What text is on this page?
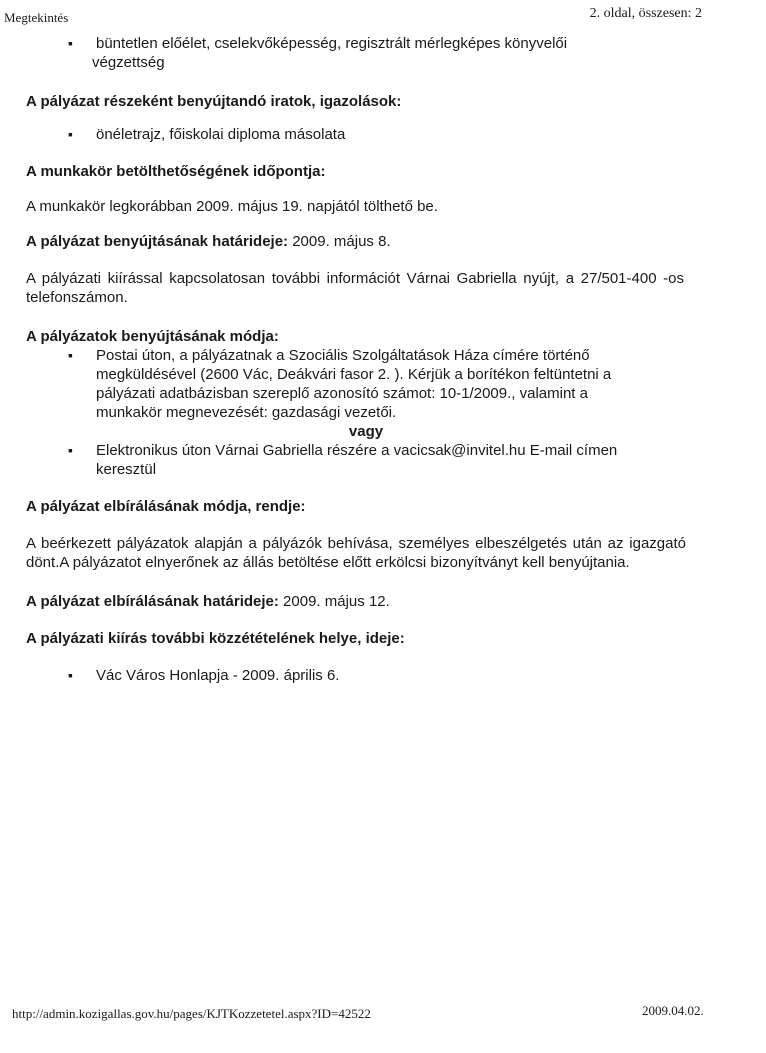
Megtekintés	2. oldal, összesen: 2
▪ büntetlen előélet, cselekvőképesség, regisztrált mérlegképes könyvelői
végzettség

A pályázat részeként benyújtandó iratok, igazolások:

▪ önéletrajz, főiskolai diploma másolata

A munkakör betölthetőségének időpontja:

A munkakör legkorábban 2009. május 19. napjától tölthető be.

A pályázat benyújtásának határideje: 2009. május 8.

A pályázati kiírással kapcsolatosan további információt Várnai Gabriella nyújt, a 27/501-400 -os telefonszámon.

A pályázatok benyújtásának módja:

▪ Postai úton, a pályázatnak a Szociális Szolgáltatások Háza címére történő megküldésével (2600 Vác, Deákvári fasor 2. ). Kérjük a borítékon feltüntetni a pályázati adatbázisban szereplő azonosító számot: 10-1/2009., valamint a munkakör megnevezését: gazdasági vezetői.

vagy

▪ Elektronikus úton Várnai Gabriella részére a vacicsak@invitel.hu E-mail címen keresztül

A pályázat elbírálásának módja, rendje:

A beérkezett pályázatok alapján a pályázók behívása, személyes elbeszélgetés után az igazgató dönt.A pályázatot elnyerőnek az állás betöltése előtt erkölcsi bizonyítványt kell benyújtania.

A pályázat elbírálásának határideje: 2009. május 12.

A pályázati kiírás további közzétételének helye, ideje:

▪ Vác Város Honlapja - 2009. április 6.
http://admin.kozigallas.gov.hu/pages/KJTKozzetetel.aspx?ID=42522	2009.04.02.
